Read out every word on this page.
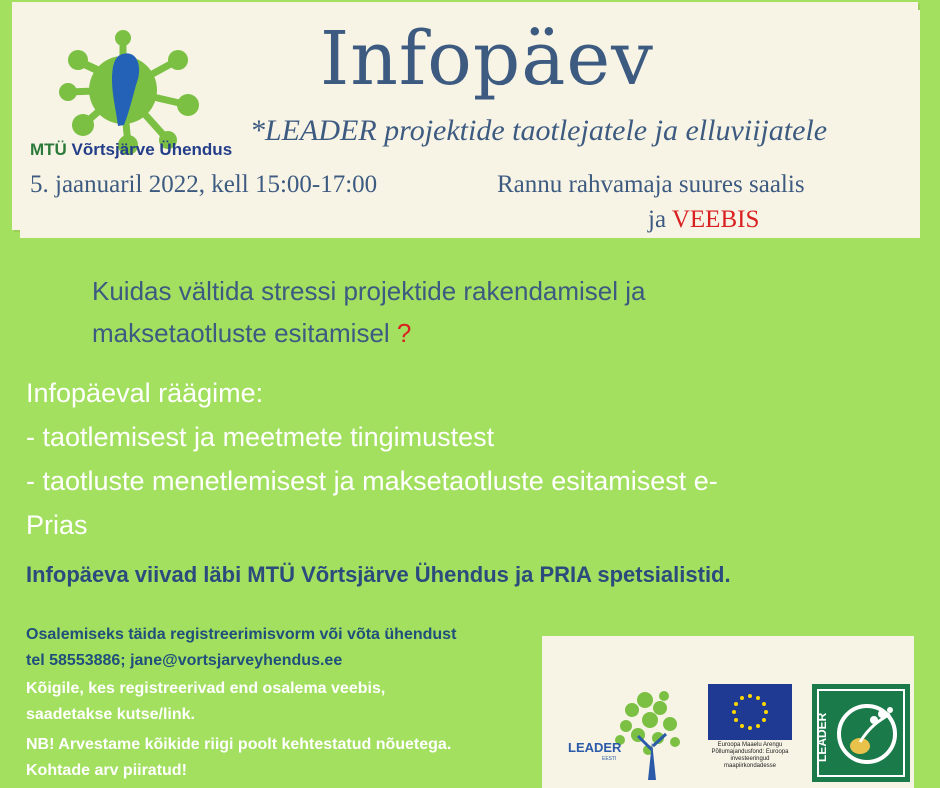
MTÜ Võrtsjärve Ühendus
Infopäev
*LEADER projektide taotlejatele ja elluviijatele
5. jaanuaril 2022, kell 15:00-17:00	Rannu rahvamaja suures saalis
ja VEEBIS
Kuidas vältida stressi projektide rakendamisel ja
maksetaotluste esitamisel ?
Infopäeval räägime:
- taotlemisest ja meetmete tingimustest
- taotluste menetlemisest ja maksetaotluste esitamisest e-
Prias
Infopäeva viivad läbi MTÜ Võrtsjärve Ühendus ja PRIA spetsialistid.
Osalemiseks täida registreerimisvorm või võta ühendust
tel 58553886; jane@vortsjarveyhendus.ee
Kõigile, kes registreerivad end osalema veebis,
saadetakse kutse/link.
NB! Arvestame kõikide riigi poolt kehtestatud nõuetega.
Kohtade arv piiratud!
LEADER
EESTI
Euroopa Maaelu Arengu Põllumajandusfond: Euroopa investeeringud maapiirkondadesse
LEADER
